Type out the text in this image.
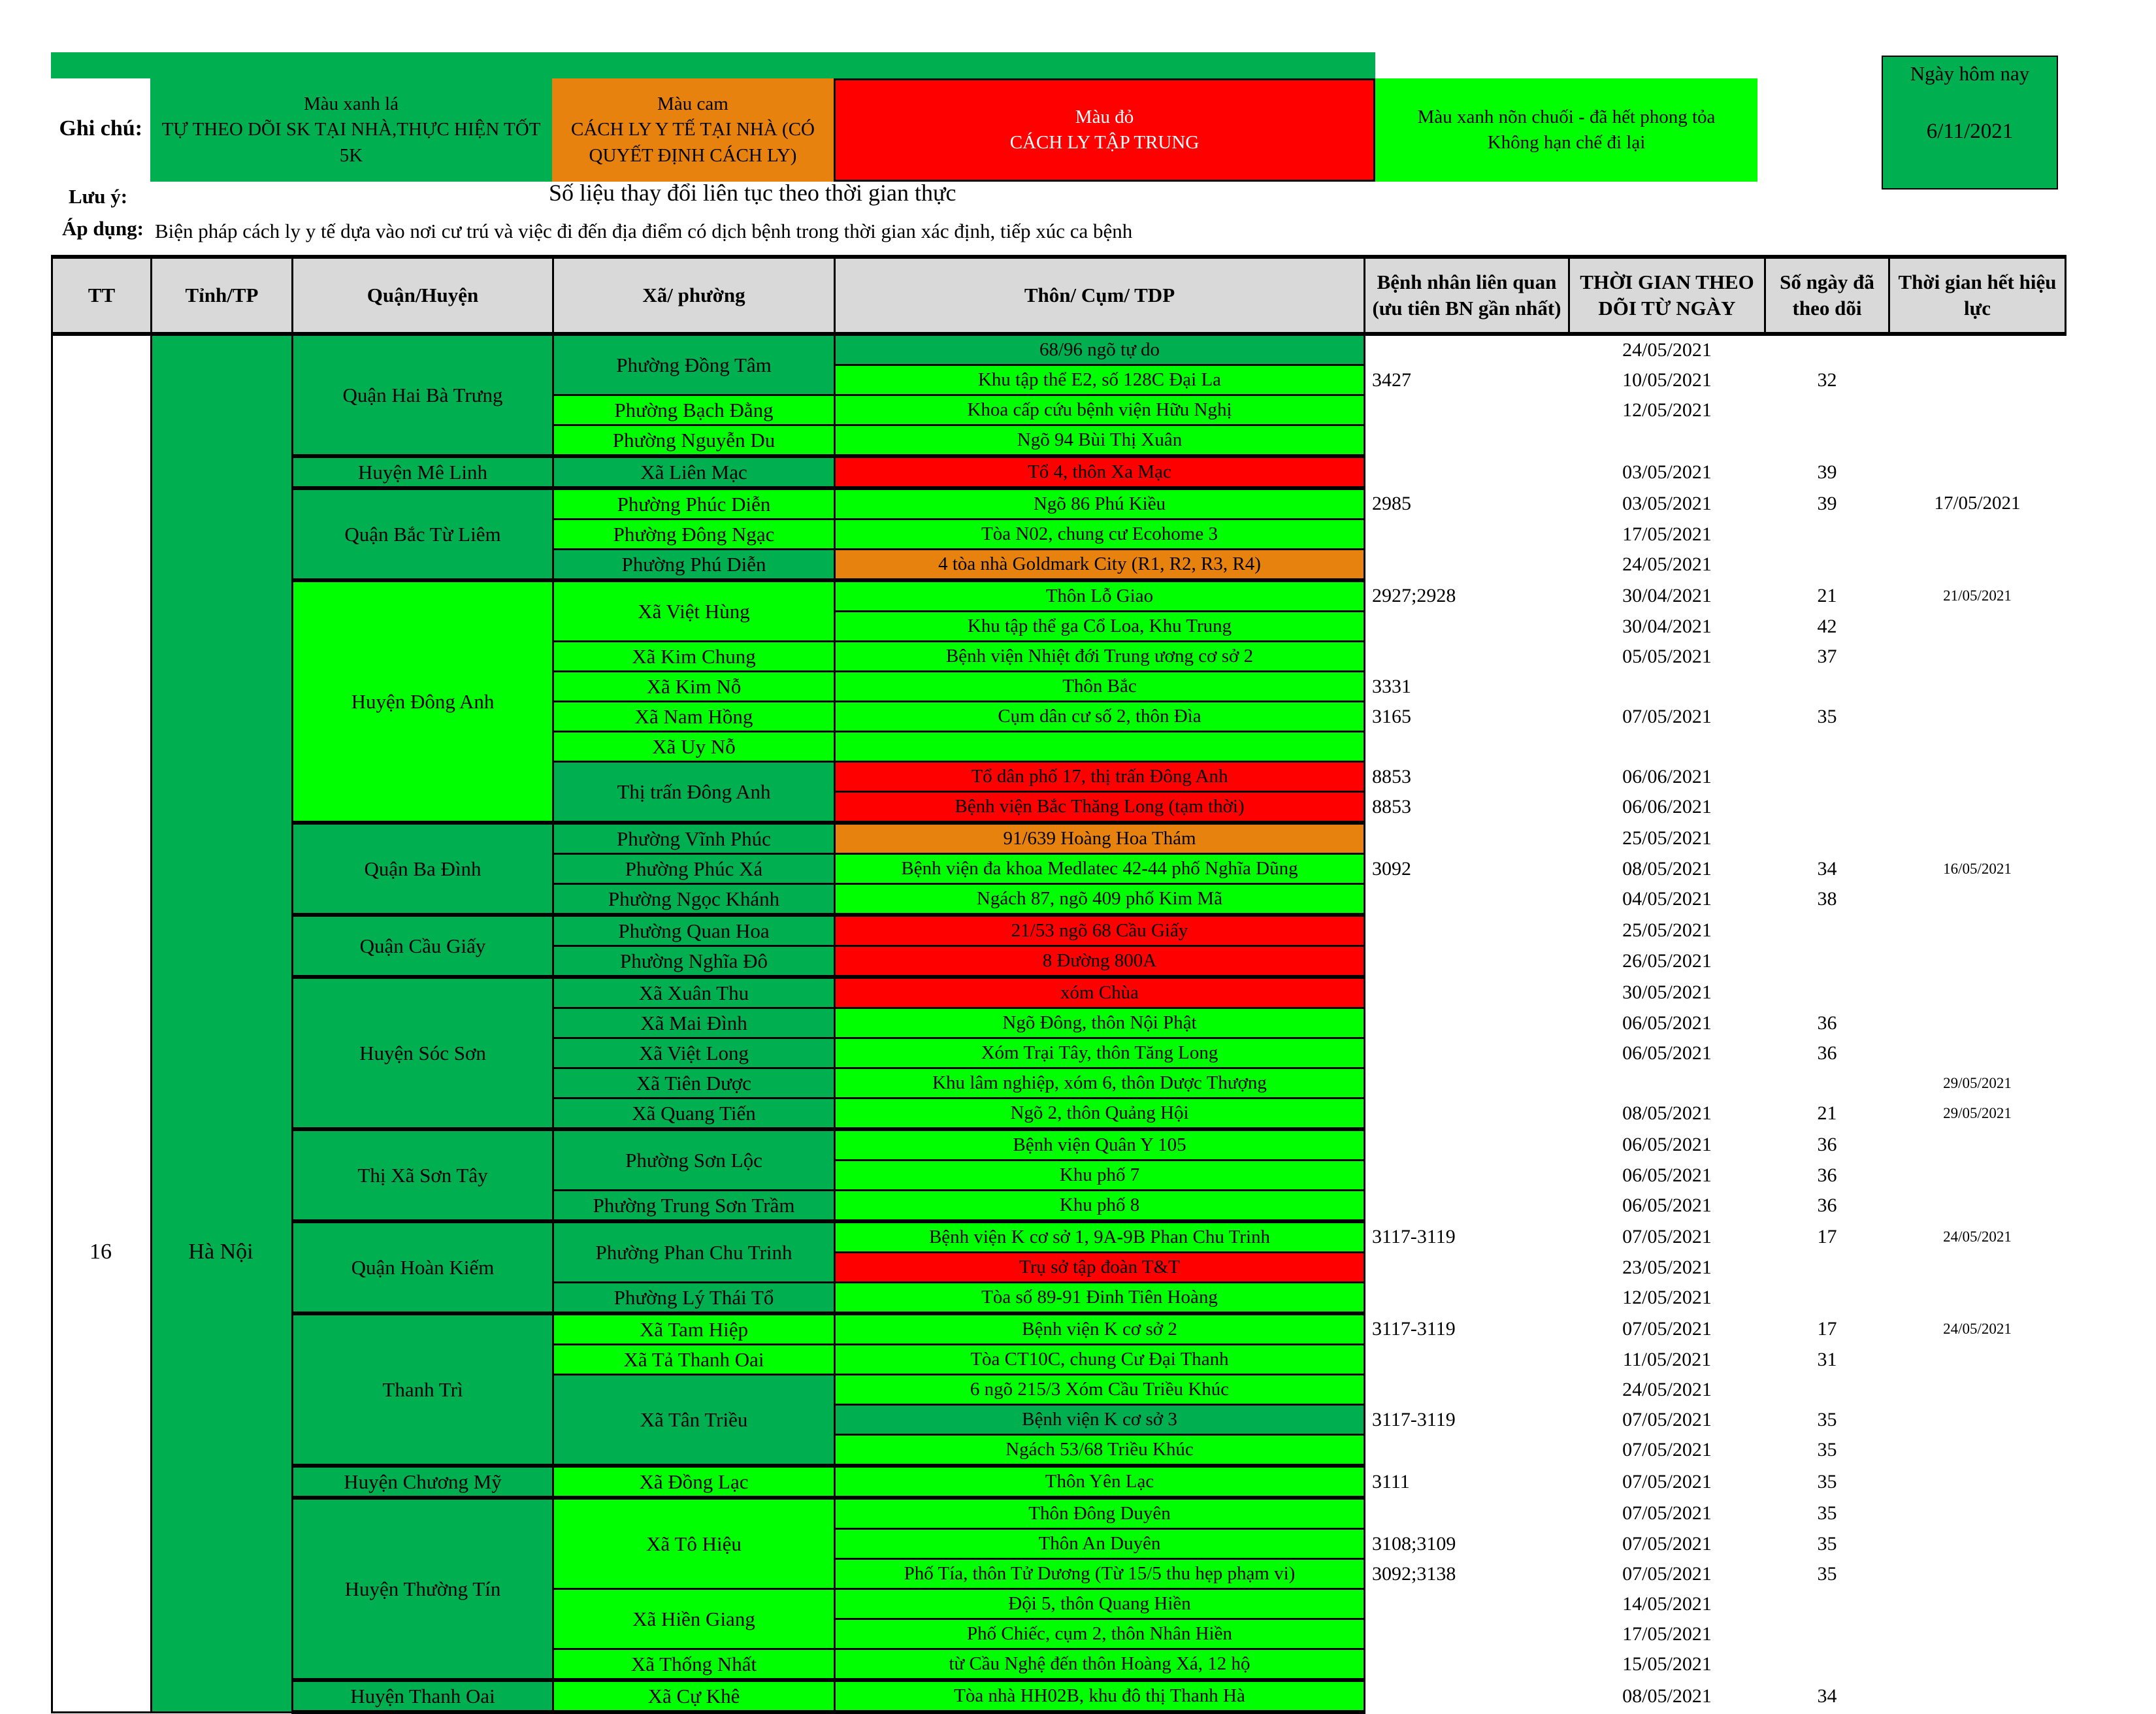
Ghi chú:
Màu xanh lá
TỰ THEO DÕI SK TẠI NHÀ,THỰC HIỆN TỐT 5K
Màu cam
CÁCH LY Y TẾ TẠI NHÀ (CÓ QUYẾT ĐỊNH CÁCH LY)
Màu đỏ
CÁCH LY TẬP TRUNG
Màu xanh nõn chuối - đã hết phong tỏa
Không hạn chế đi lại
Ngày hôm nay
6/11/2021
Lưu ý:	Số liệu thay đổi liên tục theo thời gian thực
Áp dụng: Biện pháp cách ly y tế dựa vào nơi cư trú và việc đi đến địa điểm có dịch bệnh trong thời gian xác định, tiếp xúc ca bệnh
TT	Tỉnh/TP	Quận/Huyện	Xã/ phường	Thôn/ Cụm/ TDP	Bệnh nhân liên quan (ưu tiên BN gần nhất)	THỜI GIAN THEO DÕI TỪ NGÀY	Số ngày đã theo dõi	Thời gian hết hiệu lực
		Quận Hai Bà Trưng	Phường Đồng Tâm	68/96 ngõ tự do		24/05/2021		
				Khu tập thể E2, số 128C Đại La	3427	10/05/2021	32	
			Phường Bạch Đằng	Khoa cấp cứu bệnh viện Hữu Nghị		12/05/2021		
			Phường Nguyễn Du	Ngõ 94 Bùi Thị Xuân				
		Huyện Mê Linh	Xã Liên Mạc	Tổ 4, thôn Xa Mạc		03/05/2021	39	
		Quận Bắc Từ Liêm	Phường Phúc Diễn	Ngõ 86 Phú Kiều	2985	03/05/2021	39	17/05/2021
			Phường Đông Ngạc	Tòa N02, chung cư Ecohome 3		17/05/2021		
			Phường Phú Diễn	4 tòa nhà Goldmark City (R1, R2, R3, R4)		24/05/2021		
		Huyện Đông Anh	Xã Việt Hùng	Thôn Lỗ Giao	2927;2928	30/04/2021	21	21/05/2021
				Khu tập thể ga Cổ Loa, Khu Trung		30/04/2021	42	
			Xã Kim Chung	Bệnh viện Nhiệt đới Trung ương cơ sở 2		05/05/2021	37	
			Xã Kim Nỗ	Thôn Bắc	3331			
			Xã Nam Hồng	Cụm dân cư số 2, thôn Đìa	3165	07/05/2021	35	
			Xã Uy Nỗ					
			Thị trấn Đông Anh	Tổ dân phố 17, thị trấn Đông Anh	8853	06/06/2021		
				Bệnh viện Bắc Thăng Long (tạm thời)	8853	06/06/2021		
		Quận Ba Đình	Phường Vĩnh Phúc	91/639 Hoàng Hoa Thám		25/05/2021		
			Phường Phúc Xá	Bệnh viện đa khoa Medlatec 42-44 phố Nghĩa Dũng	3092	08/05/2021	34	16/05/2021
			Phường Ngọc Khánh	Ngách 87, ngõ 409 phố Kim Mã		04/05/2021	38	
		Quận Cầu Giấy	Phường Quan Hoa	21/53 ngõ 68 Cầu Giấy		25/05/2021		
			Phường Nghĩa Đô	8 Đường 800A		26/05/2021		
		Huyện Sóc Sơn	Xã Xuân Thu	xóm Chùa		30/05/2021		
			Xã Mai Đình	Ngõ Đông, thôn Nội Phật		06/05/2021	36	
			Xã Việt Long	Xóm Trại Tây, thôn Tăng Long		06/05/2021	36	
			Xã Tiên Dược	Khu lâm nghiệp, xóm 6, thôn Dược Thượng				29/05/2021
			Xã Quang Tiến	Ngõ 2, thôn Quảng Hội		08/05/2021	21	29/05/2021
		Thị Xã Sơn Tây	Phường Sơn Lộc	Bệnh viện Quân Y 105		06/05/2021	36	
				Khu phố 7		06/05/2021	36	
			Phường Trung Sơn Trầm	Khu phố 8		06/05/2021	36	
		Quận Hoàn Kiếm	Phường Phan Chu Trinh	Bệnh viện K cơ sở 1, 9A-9B Phan Chu Trinh	3117-3119	07/05/2021	17	24/05/2021
				Trụ sở tập đoàn T&T		23/05/2021		
			Phường Lý Thái Tổ	Tòa số 89-91 Đinh Tiên Hoàng		12/05/2021		
		Thanh Trì	Xã Tam Hiệp	Bệnh viện K cơ sở 2	3117-3119	07/05/2021	17	24/05/2021
			Xã Tả Thanh Oai	Tòa CT10C, chung Cư Đại Thanh		11/05/2021	31	
			Xã Tân Triều	6 ngõ 215/3 Xóm Cầu Triều Khúc		24/05/2021		
				Bệnh viện K cơ sở 3	3117-3119	07/05/2021	35	
				Ngách 53/68 Triều Khúc		07/05/2021	35	
		Huyện Chương Mỹ	Xã Đồng Lạc	Thôn Yên Lạc	3111	07/05/2021	35	
		Huyện Thường Tín	Xã Tô Hiệu	Thôn Đông Duyên		07/05/2021	35	
				Thôn An Duyên	3108;3109	07/05/2021	35	
				Phố Tía, thôn Tử Dương (Từ 15/5 thu hẹp phạm vi)	3092;3138	07/05/2021	35	
			Xã Hiền Giang	Đội 5, thôn Quang Hiền		14/05/2021		
				Phố Chiếc, cụm 2, thôn Nhân Hiền		17/05/2021		
			Xã Thống Nhất	từ Cầu Nghệ đến thôn Hoàng Xá, 12 hộ		15/05/2021		
		Huyện Thanh Oai	Xã Cự Khê	Tòa nhà HH02B, khu đô thị Thanh Hà		08/05/2021	34	
16	Hà Nội
